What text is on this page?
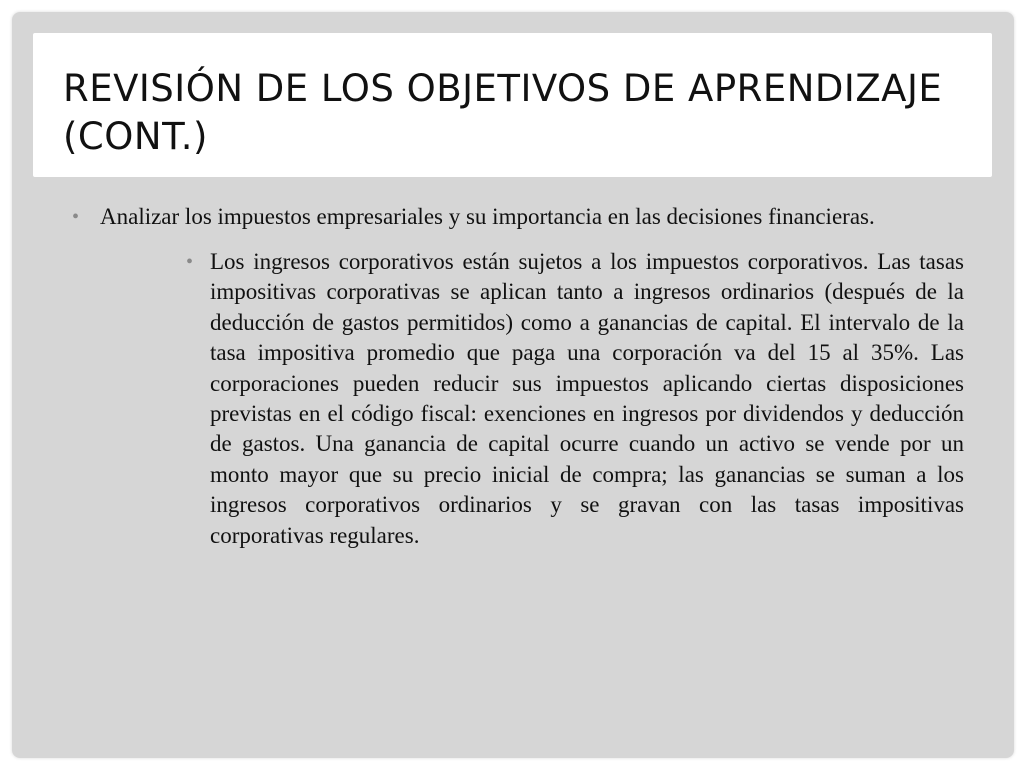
REVISIÓN DE LOS OBJETIVOS DE APRENDIZAJE (CONT.)
• Analizar los impuestos empresariales y su importancia en las decisiones financieras.
• Los ingresos corporativos están sujetos a los impuestos corporativos. Las tasas impositivas corporativas se aplican tanto a ingresos ordinarios (después de la deducción de gastos permitidos) como a ganancias de capital. El intervalo de la tasa impositiva promedio que paga una corporación va del 15 al 35%. Las corporaciones pueden reducir sus impuestos aplicando ciertas disposiciones previstas en el código fiscal: exenciones en ingresos por dividendos y deducción de gastos. Una ganancia de capital ocurre cuando un activo se vende por un monto mayor que su precio inicial de compra; las ganancias se suman a los ingresos corporativos ordinarios y se gravan con las tasas impositivas corporativas regulares.
